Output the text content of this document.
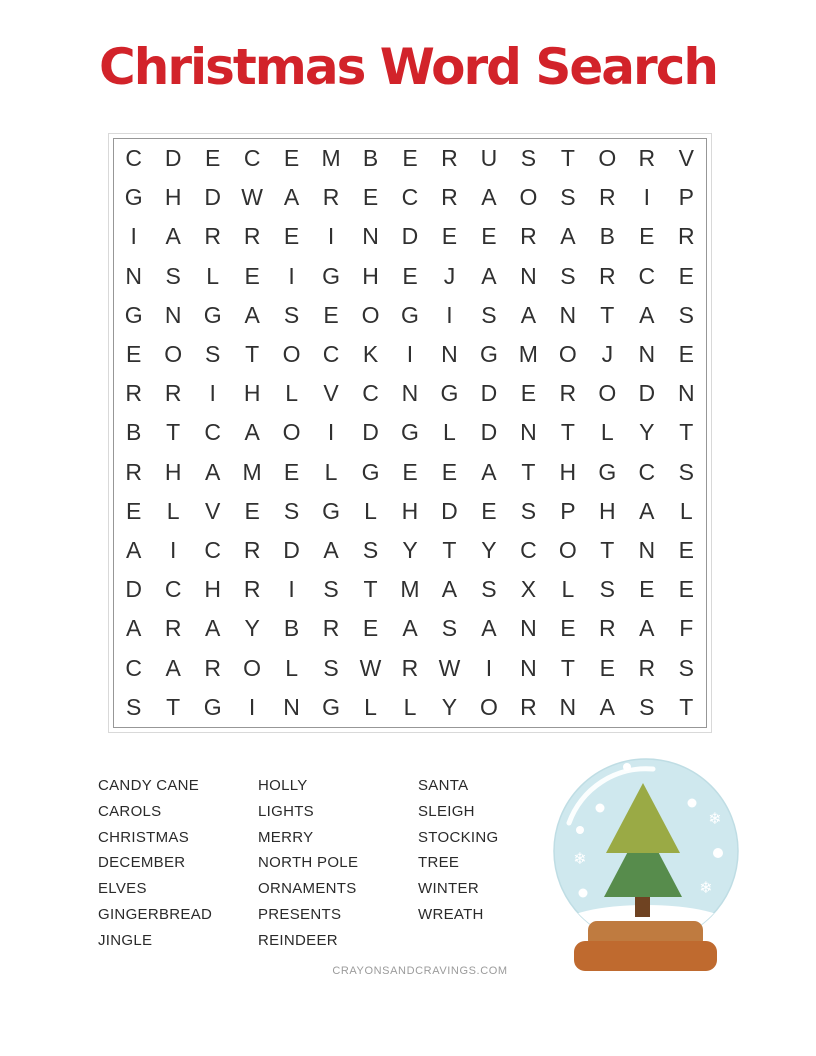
Christmas Word Search
C D	E	C	E M B	E	R U	S	T	O R	V
G H D W A	R	E	C R	A O S	R	I	P
I	A	R R	E	I	N D	E	E	R	A	B	E	R
N	S	L	E	I	G H	E	J	A	N	S	R C	E
G N G A	S	E O G	I	S	A	N	T	A	S
E O S	T	O C	K	I	N G M O	J	N	E
R R	I	H	L	V	C N G D	E	R O D N
B	T	C	A O	I	D G	L	D N	T	L	Y	T
R H	A M E	L	G E	E	A	T	H G C	S
E	L	V	E	S G	L	H D	E	S	P	H	A	L
A	I	C R D	A	S	Y	T	Y	C O	T	N	E
D C H R	I	S	T M A	S	X	L	S	E	E
A	R	A	Y	B	R	E	A	S	A	N	E	R	A	F
C	A	R O	L	S W R W	I	N	T	E	R	S
S	T	G	I	N G	L	L	Y O R N	A	S	T
CANDY CANE
CAROLS
CHRISTMAS
DECEMBER
ELVES
GINGERBREAD
JINGLE
HOLLY
LIGHTS
MERRY
NORTH POLE
ORNAMENTS
PRESENTS
REINDEER
SANTA
SLEIGH
STOCKING
TREE
WINTER
WREATH
❄
❄
❄
CRAYONSANDCRAVINGS.COM
